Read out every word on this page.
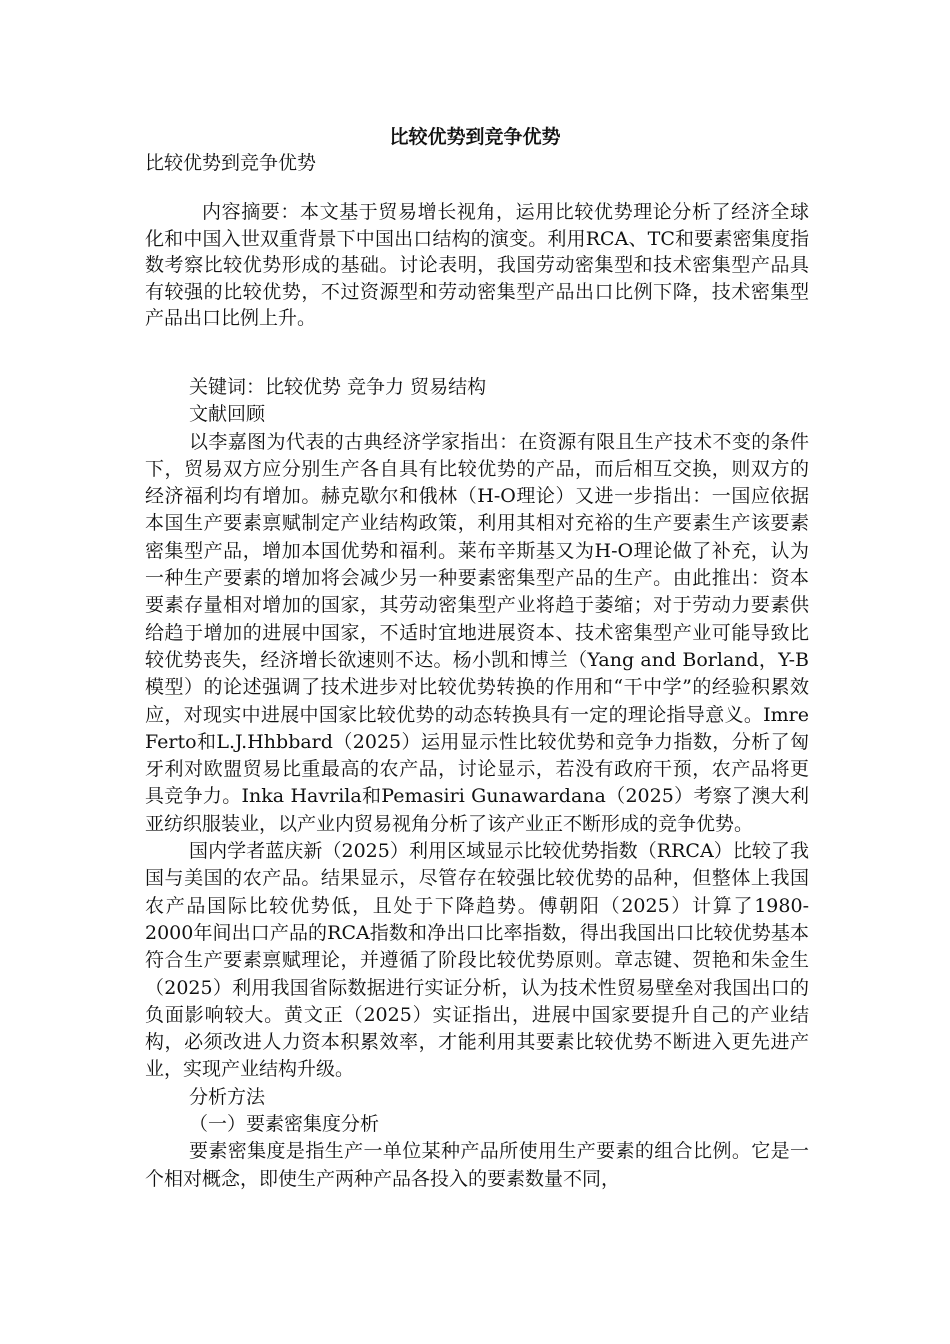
比较优势到竞争优势
比较优势到竞争优势

内容摘要：本文基于贸易增长视角，运用比较优势理论分析了经济全球化和中国入世双重背景下中国出口结构的演变。利用RCA、TC和要素密集度指数考察比较优势形成的基础。讨论表明，我国劳动密集型和技术密集型产品具有较强的比较优势，不过资源型和劳动密集型产品出口比例下降，技术密集型产品出口比例上升。

关键词：比较优势 竞争力 贸易结构

文献回顾

以李嘉图为代表的古典经济学家指出：在资源有限且生产技术不变的条件下，贸易双方应分别生产各自具有比较优势的产品，而后相互交换，则双方的经济福利均有增加。赫克歇尔和俄林（H-O理论）又进一步指出：一国应依据本国生产要素禀赋制定产业结构政策，利用其相对充裕的生产要素生产该要素密集型产品，增加本国优势和福利。莱布辛斯基又为H-O理论做了补充，认为一种生产要素的增加将会减少另一种要素密集型产品的生产。由此推出：资本要素存量相对增加的国家，其劳动密集型产业将趋于萎缩；对于劳动力要素供给趋于增加的进展中国家，不适时宜地进展资本、技术密集型产业可能导致比较优势丧失，经济增长欲速则不达。杨小凯和博兰（Yang and Borland，Y-B模型）的论述强调了技术进步对比较优势转换的作用和“干中学”的经验积累效应，对现实中进展中国家比较优势的动态转换具有一定的理论指导意义。Imre Ferto和L.J.Hhbbard（2025）运用显示性比较优势和竞争力指数，分析了匈牙利对欧盟贸易比重最高的农产品，讨论显示，若没有政府干预，农产品将更具竞争力。Inka Havrila和Pemasiri Gunawardana（2025）考察了澳大利亚纺织服装业，以产业内贸易视角分析了该产业正不断形成的竞争优势。

国内学者蓝庆新（2025）利用区域显示比较优势指数（RRCA）比较了我国与美国的农产品。结果显示，尽管存在较强比较优势的品种，但整体上我国农产品国际比较优势低，且处于下降趋势。傅朝阳（2025）计算了1980-2000年间出口产品的RCA指数和净出口比率指数，得出我国出口比较优势基本符合生产要素禀赋理论，并遵循了阶段比较优势原则。章志键、贺艳和朱金生（2025）利用我国省际数据进行实证分析，认为技术性贸易壁垒对我国出口的负面影响较大。黄文正（2025）实证指出，进展中国家要提升自己的产业结构，必须改进人力资本积累效率，才能利用其要素比较优势不断进入更先进产业，实现产业结构升级。

分析方法

（一）要素密集度分析

要素密集度是指生产一单位某种产品所使用生产要素的组合比例。它是一个相对概念，即使生产两种产品各投入的要素数量不同，
